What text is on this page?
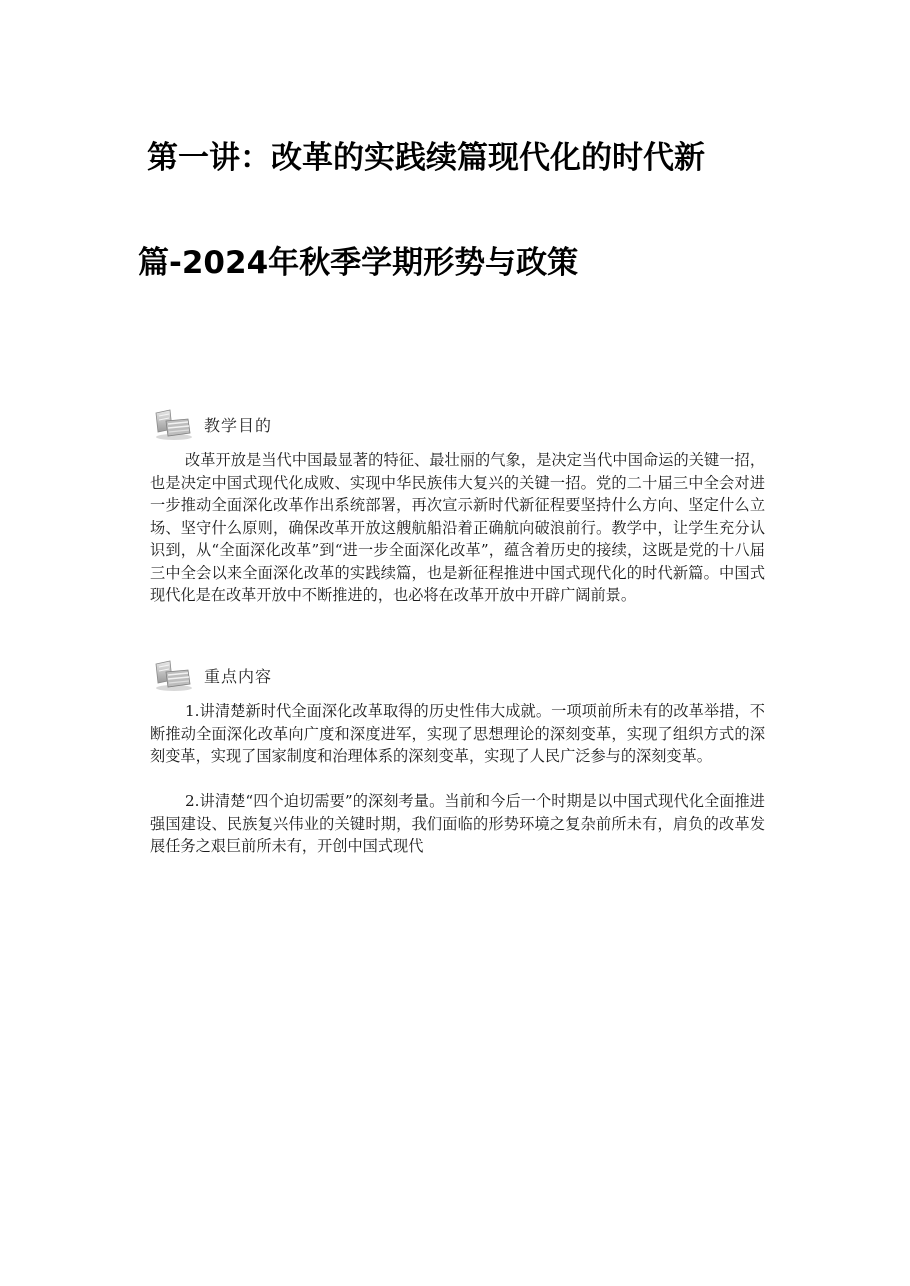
第一讲：改革的实践续篇现代化的时代新
篇-2024年秋季学期形势与政策
教学目的

改革开放是当代中国最显著的特征、最壮丽的气象，是决定当代中国命运的关键一招，也是决定中国式现代化成败、实现中华民族伟大复兴的关键一招。党的二十届三中全会对进一步推动全面深化改革作出系统部署，再次宣示新时代新征程要坚持什么方向、坚定什么立场、坚守什么原则，确保改革开放这艘航船沿着正确航向破浪前行。教学中，让学生充分认识到，从“全面深化改革”到“进一步全面深化改革”，蕴含着历史的接续，这既是党的十八届三中全会以来全面深化改革的实践续篇，也是新征程推进中国式现代化的时代新篇。中国式现代化是在改革开放中不断推进的，也必将在改革开放中开辟广阔前景。

重点内容

1.讲清楚新时代全面深化改革取得的历史性伟大成就。一项项前所未有的改革举措，不断推动全面深化改革向广度和深度进军，实现了思想理论的深刻变革，实现了组织方式的深刻变革，实现了国家制度和治理体系的深刻变革，实现了人民广泛参与的深刻变革。

2.讲清楚“四个迫切需要”的深刻考量。当前和今后一个时期是以中国式现代化全面推进强国建设、民族复兴伟业的关键时期，我们面临的形势环境之复杂前所未有，肩负的改革发展任务之艰巨前所未有，开创中国式现代
